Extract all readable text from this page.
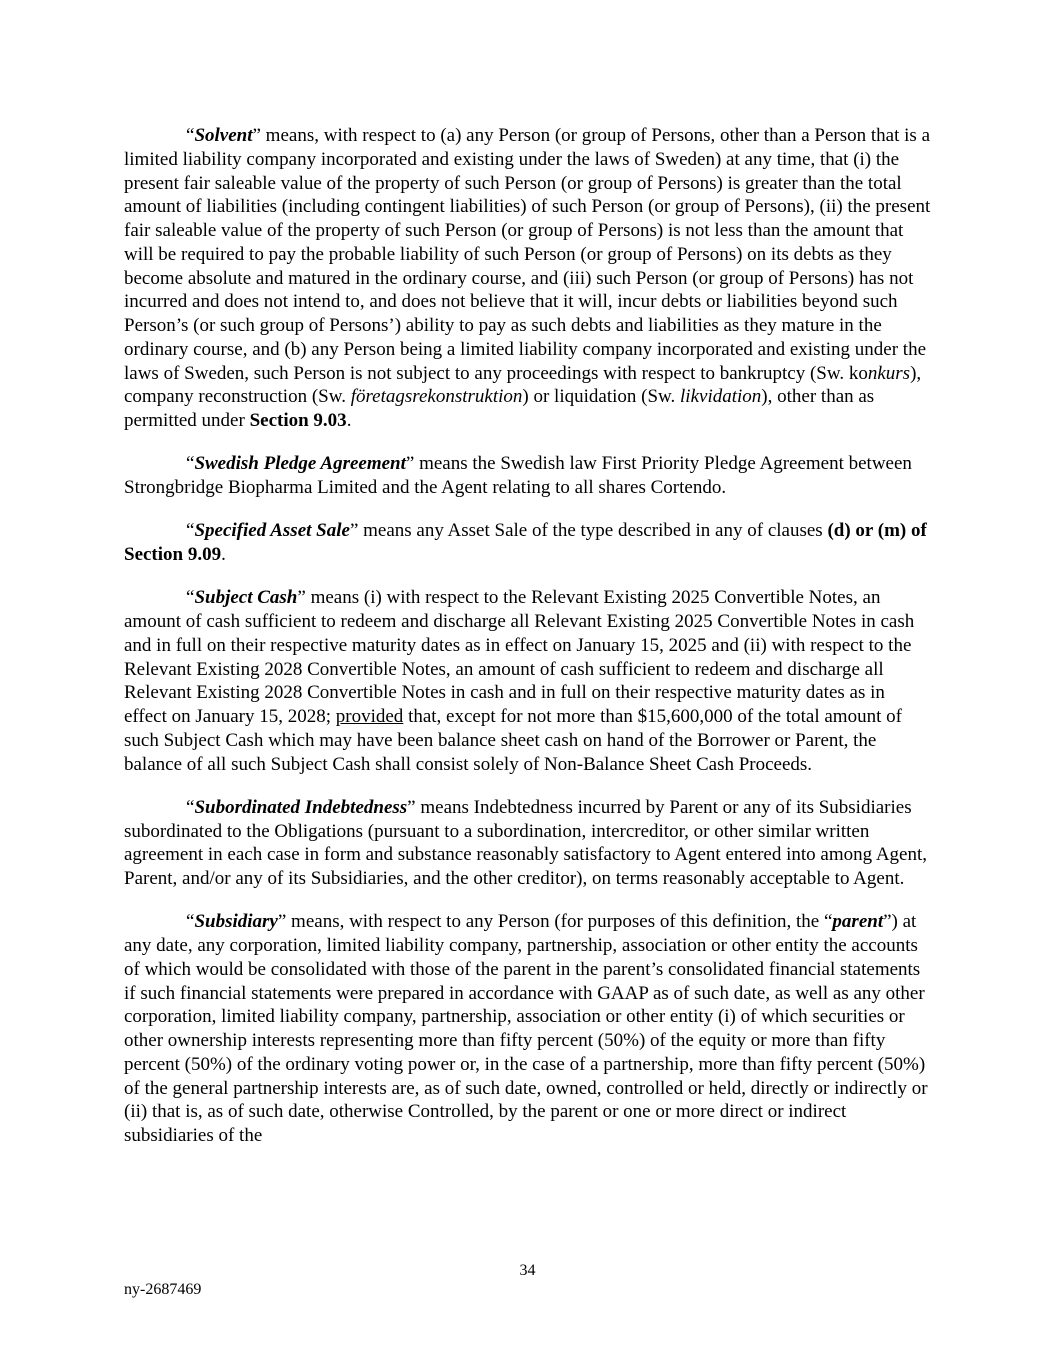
“Solvent” means, with respect to (a) any Person (or group of Persons, other than a Person that is a limited liability company incorporated and existing under the laws of Sweden) at any time, that (i) the present fair saleable value of the property of such Person (or group of Persons) is greater than the total amount of liabilities (including contingent liabilities) of such Person (or group of Persons), (ii) the present fair saleable value of the property of such Person (or group of Persons) is not less than the amount that will be required to pay the probable liability of such Person (or group of Persons) on its debts as they become absolute and matured in the ordinary course, and (iii) such Person (or group of Persons) has not incurred and does not intend to, and does not believe that it will, incur debts or liabilities beyond such Person’s (or such group of Persons’) ability to pay as such debts and liabilities as they mature in the ordinary course, and (b) any Person being a limited liability company incorporated and existing under the laws of Sweden, such Person is not subject to any proceedings with respect to bankruptcy (Sw. konkurs), company reconstruction (Sw. företagsrekonstruktion) or liquidation (Sw. likvidation), other than as permitted under Section 9.03.

“Swedish Pledge Agreement” means the Swedish law First Priority Pledge Agreement between Strongbridge Biopharma Limited and the Agent relating to all shares Cortendo.

“Specified Asset Sale” means any Asset Sale of the type described in any of clauses (d) or (m) of Section 9.09.

“Subject Cash” means (i) with respect to the Relevant Existing 2025 Convertible Notes, an amount of cash sufficient to redeem and discharge all Relevant Existing 2025 Convertible Notes in cash and in full on their respective maturity dates as in effect on January 15, 2025 and (ii) with respect to the Relevant Existing 2028 Convertible Notes, an amount of cash sufficient to redeem and discharge all Relevant Existing 2028 Convertible Notes in cash and in full on their respective maturity dates as in effect on January 15, 2028; provided that, except for not more than $15,600,000 of the total amount of such Subject Cash which may have been balance sheet cash on hand of the Borrower or Parent, the balance of all such Subject Cash shall consist solely of Non-Balance Sheet Cash Proceeds.

“Subordinated Indebtedness” means Indebtedness incurred by Parent or any of its Subsidiaries subordinated to the Obligations (pursuant to a subordination, intercreditor, or other similar written agreement in each case in form and substance reasonably satisfactory to Agent entered into among Agent, Parent, and/or any of its Subsidiaries, and the other creditor), on terms reasonably acceptable to Agent.

“Subsidiary” means, with respect to any Person (for purposes of this definition, the “parent”) at any date, any corporation, limited liability company, partnership, association or other entity the accounts of which would be consolidated with those of the parent in the parent’s consolidated financial statements if such financial statements were prepared in accordance with GAAP as of such date, as well as any other corporation, limited liability company, partnership, association or other entity (i) of which securities or other ownership interests representing more than fifty percent (50%) of the equity or more than fifty percent (50%) of the ordinary voting power or, in the case of a partnership, more than fifty percent (50%) of the general partnership interests are, as of such date, owned, controlled or held, directly or indirectly or (ii) that is, as of such date, otherwise Controlled, by the parent or one or more direct or indirect subsidiaries of the

34
ny-2687469
